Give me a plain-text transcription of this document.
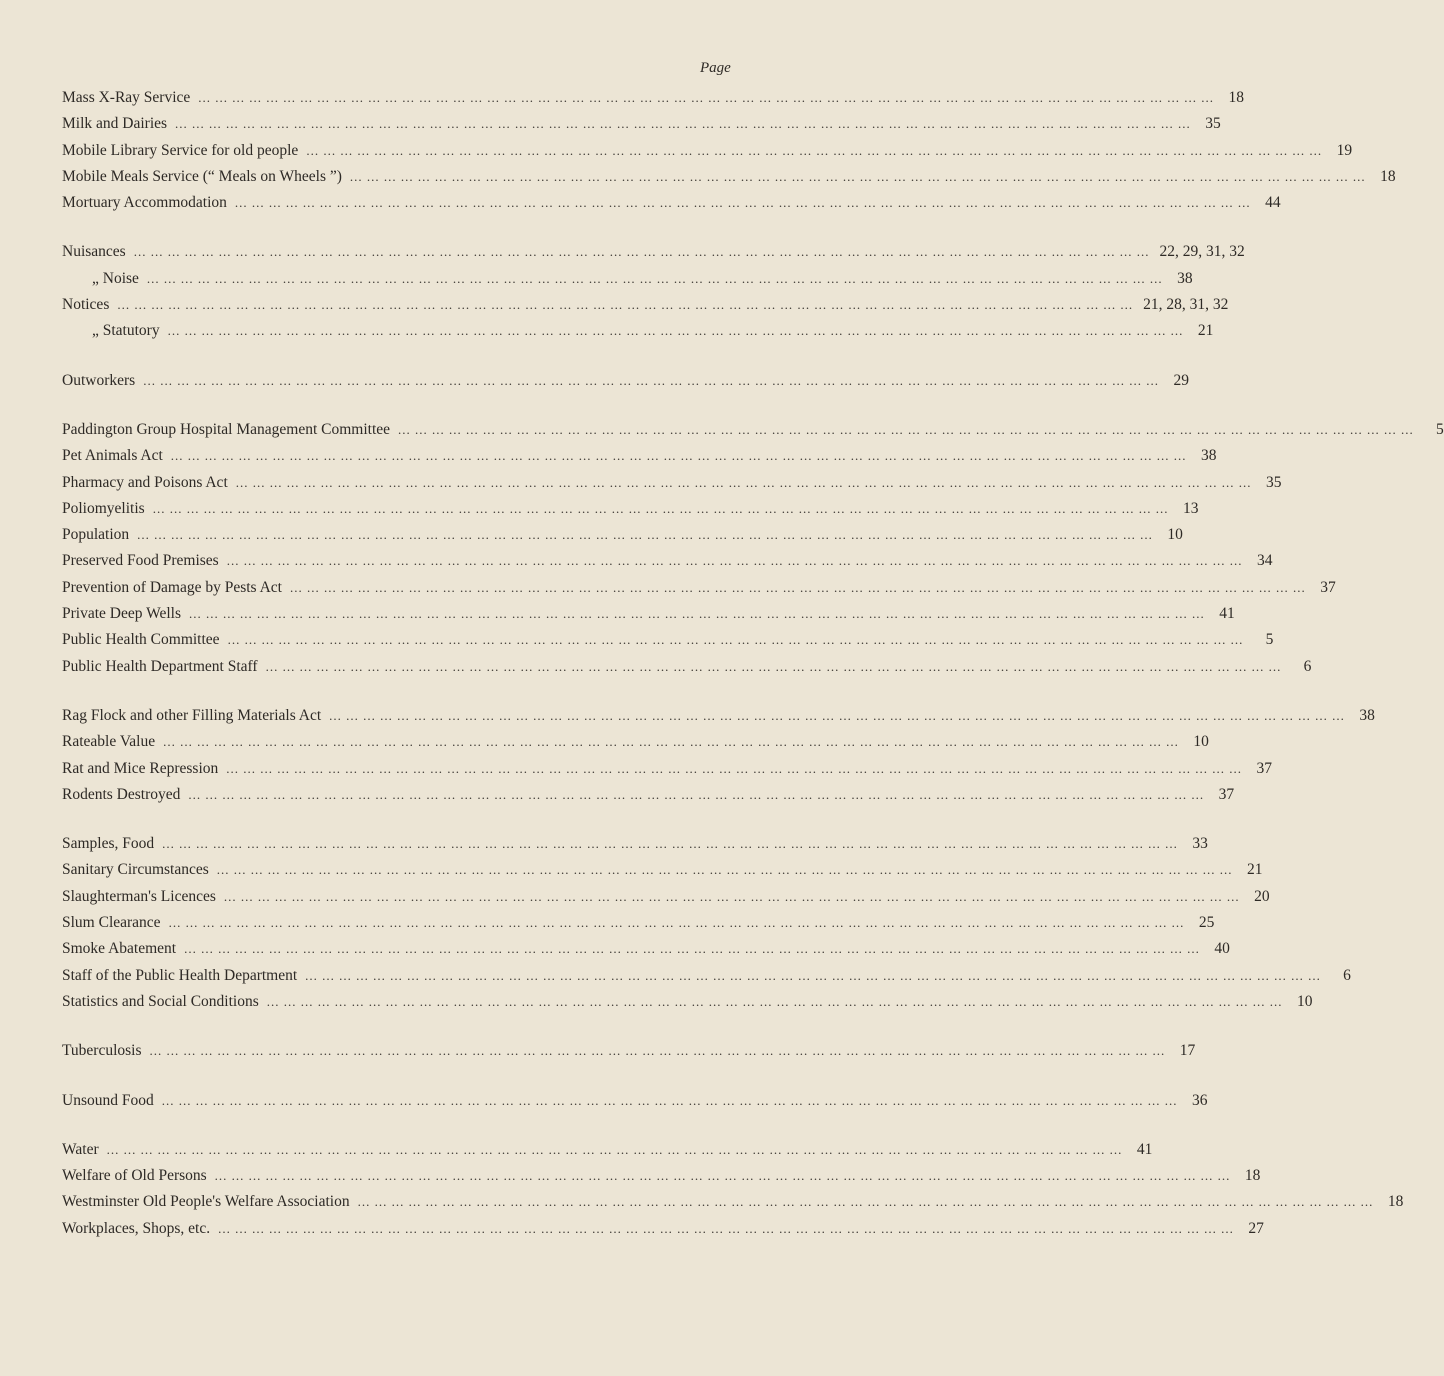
Page
Mass X-Ray Service ... ... ... ... ... ... ... ... ... ... ... ... ... ... ... ... ... ... ... ... ... ... ... ... ... ... ... ... ... ... ... ... ... ... ... ... ... ... ... ... ... ... ... ... ... ... ... ... ... ... ... ... ... ... ... ... ... ... ... ... 18
Milk and Dairies ... ... ... ... ... ... ... ... ... ... ... ... ... ... ... ... ... ... ... ... ... ... ... ... ... ... ... ... ... ... ... ... ... ... ... ... ... ... ... ... ... ... ... ... ... ... ... ... ... ... ... ... ... ... ... ... ... ... ... ... 35
Mobile Library Service for old people ... ... ... ... ... ... ... ... ... ... ... ... ... ... ... ... ... ... ... ... ... ... ... ... ... ... ... ... ... ... ... ... ... ... ... ... ... ... ... ... ... ... ... ... ... ... ... ... ... ... ... ... ... ... ... ... ... ... ... ... 19
Mobile Meals Service (“ Meals on Wheels ”) ... ... ... ... ... ... ... ... ... ... ... ... ... ... ... ... ... ... ... ... ... ... ... ... ... ... ... ... ... ... ... ... ... ... ... ... ... ... ... ... ... ... ... ... ... ... ... ... ... ... ... ... ... ... ... ... ... ... ... ... 18
Mortuary Accommodation ... ... ... ... ... ... ... ... ... ... ... ... ... ... ... ... ... ... ... ... ... ... ... ... ... ... ... ... ... ... ... ... ... ... ... ... ... ... ... ... ... ... ... ... ... ... ... ... ... ... ... ... ... ... ... ... ... ... ... ... 44
Nuisances ... ... ... ... ... ... ... ... ... ... ... ... ... ... ... ... ... ... ... ... ... ... ... ... ... ... ... ... ... ... ... ... ... ... ... ... ... ... ... ... ... ... ... ... ... ... ... ... ... ... ... ... ... ... ... ... ... ... ... ... 22, 29, 31, 32
„ Noise ... ... ... ... ... ... ... ... ... ... ... ... ... ... ... ... ... ... ... ... ... ... ... ... ... ... ... ... ... ... ... ... ... ... ... ... ... ... ... ... ... ... ... ... ... ... ... ... ... ... ... ... ... ... ... ... ... ... ... ... 38
Notices ... ... ... ... ... ... ... ... ... ... ... ... ... ... ... ... ... ... ... ... ... ... ... ... ... ... ... ... ... ... ... ... ... ... ... ... ... ... ... ... ... ... ... ... ... ... ... ... ... ... ... ... ... ... ... ... ... ... ... ... 21, 28, 31, 32
„ Statutory ... ... ... ... ... ... ... ... ... ... ... ... ... ... ... ... ... ... ... ... ... ... ... ... ... ... ... ... ... ... ... ... ... ... ... ... ... ... ... ... ... ... ... ... ... ... ... ... ... ... ... ... ... ... ... ... ... ... ... ... 21
Outworkers ... ... ... ... ... ... ... ... ... ... ... ... ... ... ... ... ... ... ... ... ... ... ... ... ... ... ... ... ... ... ... ... ... ... ... ... ... ... ... ... ... ... ... ... ... ... ... ... ... ... ... ... ... ... ... ... ... ... ... ... 29
Paddington Group Hospital Management Committee ... ... ... ... ... ... ... ... ... ... ... ... ... ... ... ... ... ... ... ... ... ... ... ... ... ... ... ... ... ... ... ... ... ... ... ... ... ... ... ... ... ... ... ... ... ... ... ... ... ... ... ... ... ... ... ... ... ... ... ...	5
Pet Animals Act ... ... ... ... ... ... ... ... ... ... ... ... ... ... ... ... ... ... ... ... ... ... ... ... ... ... ... ... ... ... ... ... ... ... ... ... ... ... ... ... ... ... ... ... ... ... ... ... ... ... ... ... ... ... ... ... ... ... ... ... 38
Pharmacy and Poisons Act ... ... ... ... ... ... ... ... ... ... ... ... ... ... ... ... ... ... ... ... ... ... ... ... ... ... ... ... ... ... ... ... ... ... ... ... ... ... ... ... ... ... ... ... ... ... ... ... ... ... ... ... ... ... ... ... ... ... ... ... 35
Poliomyelitis ... ... ... ... ... ... ... ... ... ... ... ... ... ... ... ... ... ... ... ... ... ... ... ... ... ... ... ... ... ... ... ... ... ... ... ... ... ... ... ... ... ... ... ... ... ... ... ... ... ... ... ... ... ... ... ... ... ... ... ... 13
Population ... ... ... ... ... ... ... ... ... ... ... ... ... ... ... ... ... ... ... ... ... ... ... ... ... ... ... ... ... ... ... ... ... ... ... ... ... ... ... ... ... ... ... ... ... ... ... ... ... ... ... ... ... ... ... ... ... ... ... ... 10
Preserved Food Premises ... ... ... ... ... ... ... ... ... ... ... ... ... ... ... ... ... ... ... ... ... ... ... ... ... ... ... ... ... ... ... ... ... ... ... ... ... ... ... ... ... ... ... ... ... ... ... ... ... ... ... ... ... ... ... ... ... ... ... ... 34
Prevention of Damage by Pests Act ... ... ... ... ... ... ... ... ... ... ... ... ... ... ... ... ... ... ... ... ... ... ... ... ... ... ... ... ... ... ... ... ... ... ... ... ... ... ... ... ... ... ... ... ... ... ... ... ... ... ... ... ... ... ... ... ... ... ... ... 37
Private Deep Wells ... ... ... ... ... ... ... ... ... ... ... ... ... ... ... ... ... ... ... ... ... ... ... ... ... ... ... ... ... ... ... ... ... ... ... ... ... ... ... ... ... ... ... ... ... ... ... ... ... ... ... ... ... ... ... ... ... ... ... ... 41
Public Health Committee ... ... ... ... ... ... ... ... ... ... ... ... ... ... ... ... ... ... ... ... ... ... ... ... ... ... ... ... ... ... ... ... ... ... ... ... ... ... ... ... ... ... ... ... ... ... ... ... ... ... ... ... ... ... ... ... ... ... ... ...	5
Public Health Department Staff ... ... ... ... ... ... ... ... ... ... ... ... ... ... ... ... ... ... ... ... ... ... ... ... ... ... ... ... ... ... ... ... ... ... ... ... ... ... ... ... ... ... ... ... ... ... ... ... ... ... ... ... ... ... ... ... ... ... ... ...	6
Rag Flock and other Filling Materials Act ... ... ... ... ... ... ... ... ... ... ... ... ... ... ... ... ... ... ... ... ... ... ... ... ... ... ... ... ... ... ... ... ... ... ... ... ... ... ... ... ... ... ... ... ... ... ... ... ... ... ... ... ... ... ... ... ... ... ... ... 38
Rateable Value ... ... ... ... ... ... ... ... ... ... ... ... ... ... ... ... ... ... ... ... ... ... ... ... ... ... ... ... ... ... ... ... ... ... ... ... ... ... ... ... ... ... ... ... ... ... ... ... ... ... ... ... ... ... ... ... ... ... ... ... 10
Rat and Mice Repression ... ... ... ... ... ... ... ... ... ... ... ... ... ... ... ... ... ... ... ... ... ... ... ... ... ... ... ... ... ... ... ... ... ... ... ... ... ... ... ... ... ... ... ... ... ... ... ... ... ... ... ... ... ... ... ... ... ... ... ... 37
Rodents Destroyed ... ... ... ... ... ... ... ... ... ... ... ... ... ... ... ... ... ... ... ... ... ... ... ... ... ... ... ... ... ... ... ... ... ... ... ... ... ... ... ... ... ... ... ... ... ... ... ... ... ... ... ... ... ... ... ... ... ... ... ... 37
Samples, Food ... ... ... ... ... ... ... ... ... ... ... ... ... ... ... ... ... ... ... ... ... ... ... ... ... ... ... ... ... ... ... ... ... ... ... ... ... ... ... ... ... ... ... ... ... ... ... ... ... ... ... ... ... ... ... ... ... ... ... ... 33
Sanitary Circumstances ... ... ... ... ... ... ... ... ... ... ... ... ... ... ... ... ... ... ... ... ... ... ... ... ... ... ... ... ... ... ... ... ... ... ... ... ... ... ... ... ... ... ... ... ... ... ... ... ... ... ... ... ... ... ... ... ... ... ... ... 21
Slaughterman's Licences ... ... ... ... ... ... ... ... ... ... ... ... ... ... ... ... ... ... ... ... ... ... ... ... ... ... ... ... ... ... ... ... ... ... ... ... ... ... ... ... ... ... ... ... ... ... ... ... ... ... ... ... ... ... ... ... ... ... ... ... 20
Slum Clearance ... ... ... ... ... ... ... ... ... ... ... ... ... ... ... ... ... ... ... ... ... ... ... ... ... ... ... ... ... ... ... ... ... ... ... ... ... ... ... ... ... ... ... ... ... ... ... ... ... ... ... ... ... ... ... ... ... ... ... ... 25
Smoke Abatement ... ... ... ... ... ... ... ... ... ... ... ... ... ... ... ... ... ... ... ... ... ... ... ... ... ... ... ... ... ... ... ... ... ... ... ... ... ... ... ... ... ... ... ... ... ... ... ... ... ... ... ... ... ... ... ... ... ... ... ... 40
Staff of the Public Health Department ... ... ... ... ... ... ... ... ... ... ... ... ... ... ... ... ... ... ... ... ... ... ... ... ... ... ... ... ... ... ... ... ... ... ... ... ... ... ... ... ... ... ... ... ... ... ... ... ... ... ... ... ... ... ... ... ... ... ... ...	6
Statistics and Social Conditions ... ... ... ... ... ... ... ... ... ... ... ... ... ... ... ... ... ... ... ... ... ... ... ... ... ... ... ... ... ... ... ... ... ... ... ... ... ... ... ... ... ... ... ... ... ... ... ... ... ... ... ... ... ... ... ... ... ... ... ... 10
Tuberculosis ... ... ... ... ... ... ... ... ... ... ... ... ... ... ... ... ... ... ... ... ... ... ... ... ... ... ... ... ... ... ... ... ... ... ... ... ... ... ... ... ... ... ... ... ... ... ... ... ... ... ... ... ... ... ... ... ... ... ... ... 17
Unsound Food ... ... ... ... ... ... ... ... ... ... ... ... ... ... ... ... ... ... ... ... ... ... ... ... ... ... ... ... ... ... ... ... ... ... ... ... ... ... ... ... ... ... ... ... ... ... ... ... ... ... ... ... ... ... ... ... ... ... ... ... 36
Water ... ... ... ... ... ... ... ... ... ... ... ... ... ... ... ... ... ... ... ... ... ... ... ... ... ... ... ... ... ... ... ... ... ... ... ... ... ... ... ... ... ... ... ... ... ... ... ... ... ... ... ... ... ... ... ... ... ... ... ... 41
Welfare of Old Persons ... ... ... ... ... ... ... ... ... ... ... ... ... ... ... ... ... ... ... ... ... ... ... ... ... ... ... ... ... ... ... ... ... ... ... ... ... ... ... ... ... ... ... ... ... ... ... ... ... ... ... ... ... ... ... ... ... ... ... ... 18
Westminster Old People's Welfare Association ... ... ... ... ... ... ... ... ... ... ... ... ... ... ... ... ... ... ... ... ... ... ... ... ... ... ... ... ... ... ... ... ... ... ... ... ... ... ... ... ... ... ... ... ... ... ... ... ... ... ... ... ... ... ... ... ... ... ... ... 18
Workplaces, Shops, etc. ... ... ... ... ... ... ... ... ... ... ... ... ... ... ... ... ... ... ... ... ... ... ... ... ... ... ... ... ... ... ... ... ... ... ... ... ... ... ... ... ... ... ... ... ... ... ... ... ... ... ... ... ... ... ... ... ... ... ... ... 27
